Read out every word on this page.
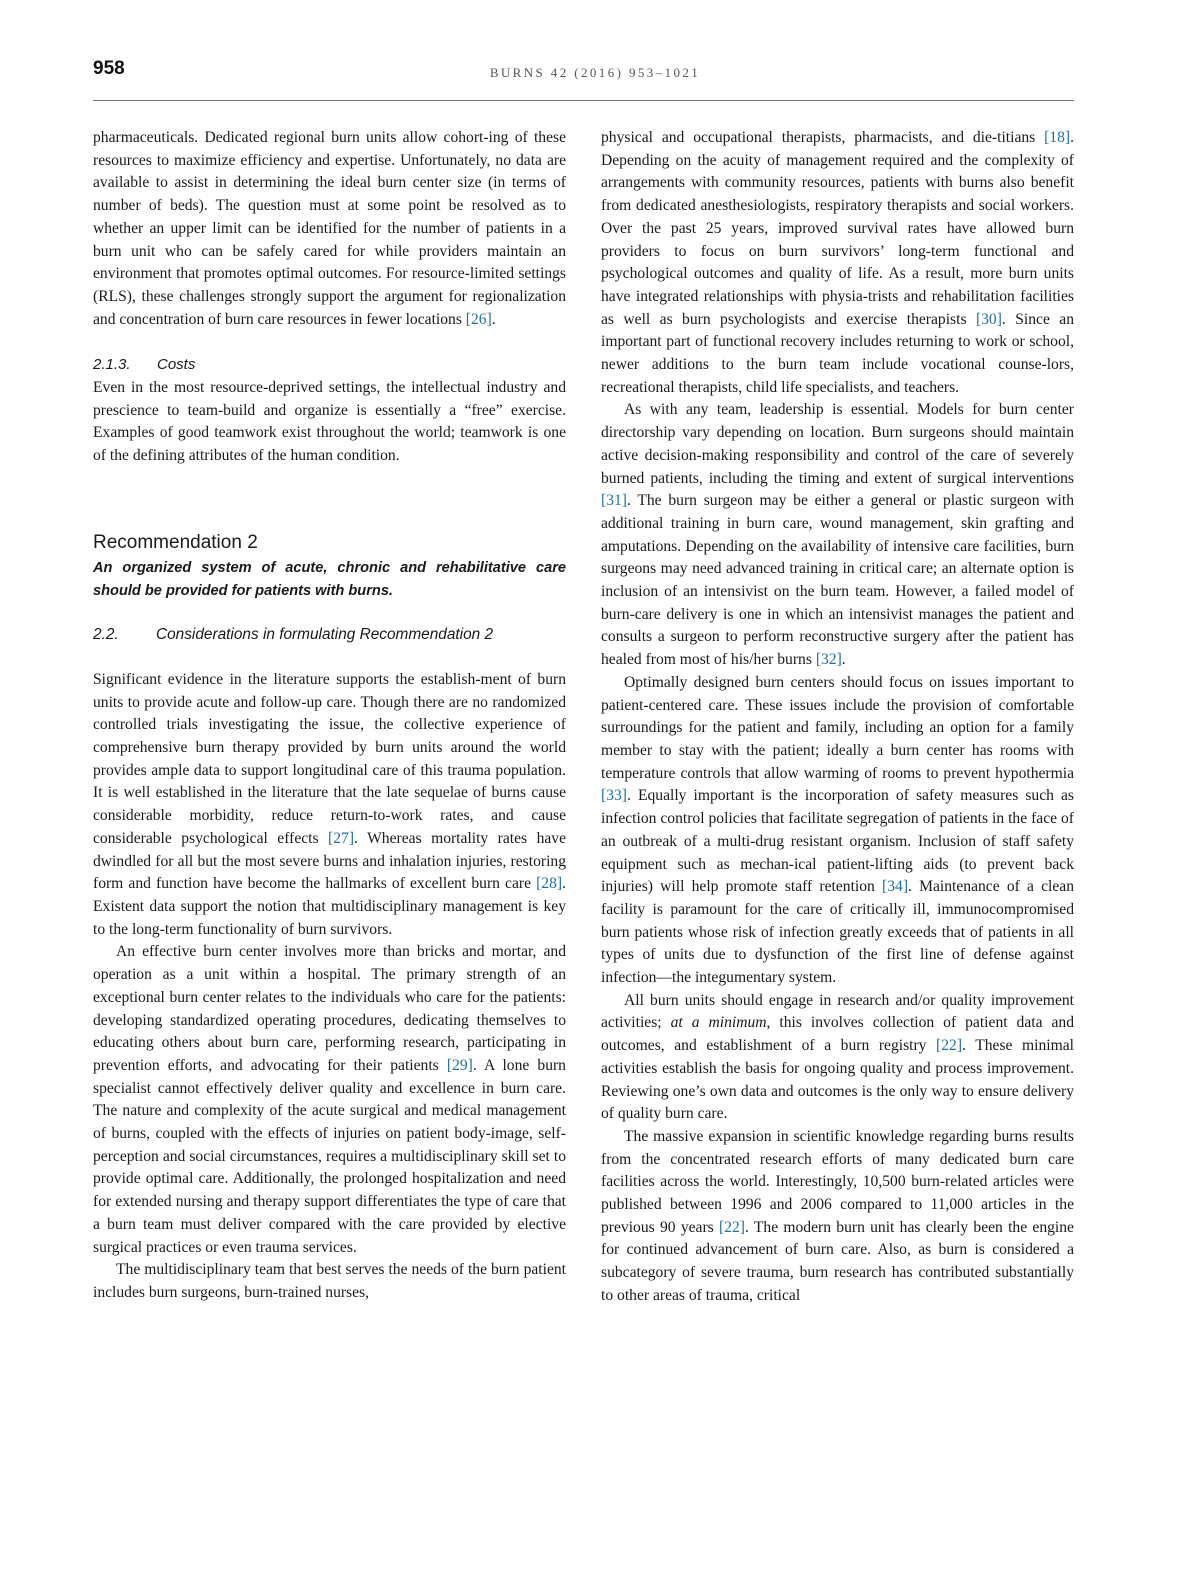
958	BURNS 42 (2016) 953–1021

pharmaceuticals. Dedicated regional burn units allow cohort-ing of these resources to maximize efficiency and expertise. Unfortunately, no data are available to assist in determining the ideal burn center size (in terms of number of beds). The question must at some point be resolved as to whether an upper limit can be identified for the number of patients in a burn unit who can be safely cared for while providers maintain an environment that promotes optimal outcomes. For resource-limited settings (RLS), these challenges strongly support the argument for regionalization and concentration of burn care resources in fewer locations [26].

2.1.3. Costs

Even in the most resource-deprived settings, the intellectual industry and prescience to team-build and organize is essentially a “free” exercise. Examples of good teamwork exist throughout the world; teamwork is one of the defining attributes of the human condition.

Recommendation 2

An organized system of acute, chronic and rehabilitative care should be provided for patients with burns.

2.2. Considerations in formulating Recommendation 2

Significant evidence in the literature supports the establish-ment of burn units to provide acute and follow-up care. Though there are no randomized controlled trials investigating the issue, the collective experience of comprehensive burn therapy provided by burn units around the world provides ample data to support longitudinal care of this trauma population. It is well established in the literature that the late sequelae of burns cause considerable morbidity, reduce return-to-work rates, and cause considerable psychological effects [27]. Whereas mortality rates have dwindled for all but the most severe burns and inhalation injuries, restoring form and function have become the hallmarks of excellent burn care [28]. Existent data support the notion that multidisciplinary management is key to the long-term functionality of burn survivors.

An effective burn center involves more than bricks and mortar, and operation as a unit within a hospital. The primary strength of an exceptional burn center relates to the individuals who care for the patients: developing standardized operating procedures, dedicating themselves to educating others about burn care, performing research, participating in prevention efforts, and advocating for their patients [29]. A lone burn specialist cannot effectively deliver quality and excellence in burn care. The nature and complexity of the acute surgical and medical management of burns, coupled with the effects of injuries on patient body-image, self-perception and social circumstances, requires a multidisciplinary skill set to provide optimal care. Additionally, the prolonged hospitalization and need for extended nursing and therapy support differentiates the type of care that a burn team must deliver compared with the care provided by elective surgical practices or even trauma services.

The multidisciplinary team that best serves the needs of the burn patient includes burn surgeons, burn-trained nurses,

physical and occupational therapists, pharmacists, and die-titians [18]. Depending on the acuity of management required and the complexity of arrangements with community resources, patients with burns also benefit from dedicated anesthesiologists, respiratory therapists and social workers. Over the past 25 years, improved survival rates have allowed burn providers to focus on burn survivors’ long-term functional and psychological outcomes and quality of life. As a result, more burn units have integrated relationships with physia-trists and rehabilitation facilities as well as burn psychologists and exercise therapists [30]. Since an important part of functional recovery includes returning to work or school, newer additions to the burn team include vocational counse-lors, recreational therapists, child life specialists, and teachers.

As with any team, leadership is essential. Models for burn center directorship vary depending on location. Burn surgeons should maintain active decision-making responsibility and control of the care of severely burned patients, including the timing and extent of surgical interventions [31]. The burn surgeon may be either a general or plastic surgeon with additional training in burn care, wound management, skin grafting and amputations. Depending on the availability of intensive care facilities, burn surgeons may need advanced training in critical care; an alternate option is inclusion of an intensivist on the burn team. However, a failed model of burn-care delivery is one in which an intensivist manages the patient and consults a surgeon to perform reconstructive surgery after the patient has healed from most of his/her burns [32].

Optimally designed burn centers should focus on issues important to patient-centered care. These issues include the provision of comfortable surroundings for the patient and family, including an option for a family member to stay with the patient; ideally a burn center has rooms with temperature controls that allow warming of rooms to prevent hypothermia [33]. Equally important is the incorporation of safety measures such as infection control policies that facilitate segregation of patients in the face of an outbreak of a multi-drug resistant organism. Inclusion of staff safety equipment such as mechan-ical patient-lifting aids (to prevent back injuries) will help promote staff retention [34]. Maintenance of a clean facility is paramount for the care of critically ill, immunocompromised burn patients whose risk of infection greatly exceeds that of patients in all types of units due to dysfunction of the first line of defense against infection—the integumentary system.

All burn units should engage in research and/or quality improvement activities; at a minimum, this involves collection of patient data and outcomes, and establishment of a burn registry [22]. These minimal activities establish the basis for ongoing quality and process improvement. Reviewing one’s own data and outcomes is the only way to ensure delivery of quality burn care.

The massive expansion in scientific knowledge regarding burns results from the concentrated research efforts of many dedicated burn care facilities across the world. Interestingly, 10,500 burn-related articles were published between 1996 and 2006 compared to 11,000 articles in the previous 90 years [22]. The modern burn unit has clearly been the engine for continued advancement of burn care. Also, as burn is considered a subcategory of severe trauma, burn research has contributed substantially to other areas of trauma, critical
